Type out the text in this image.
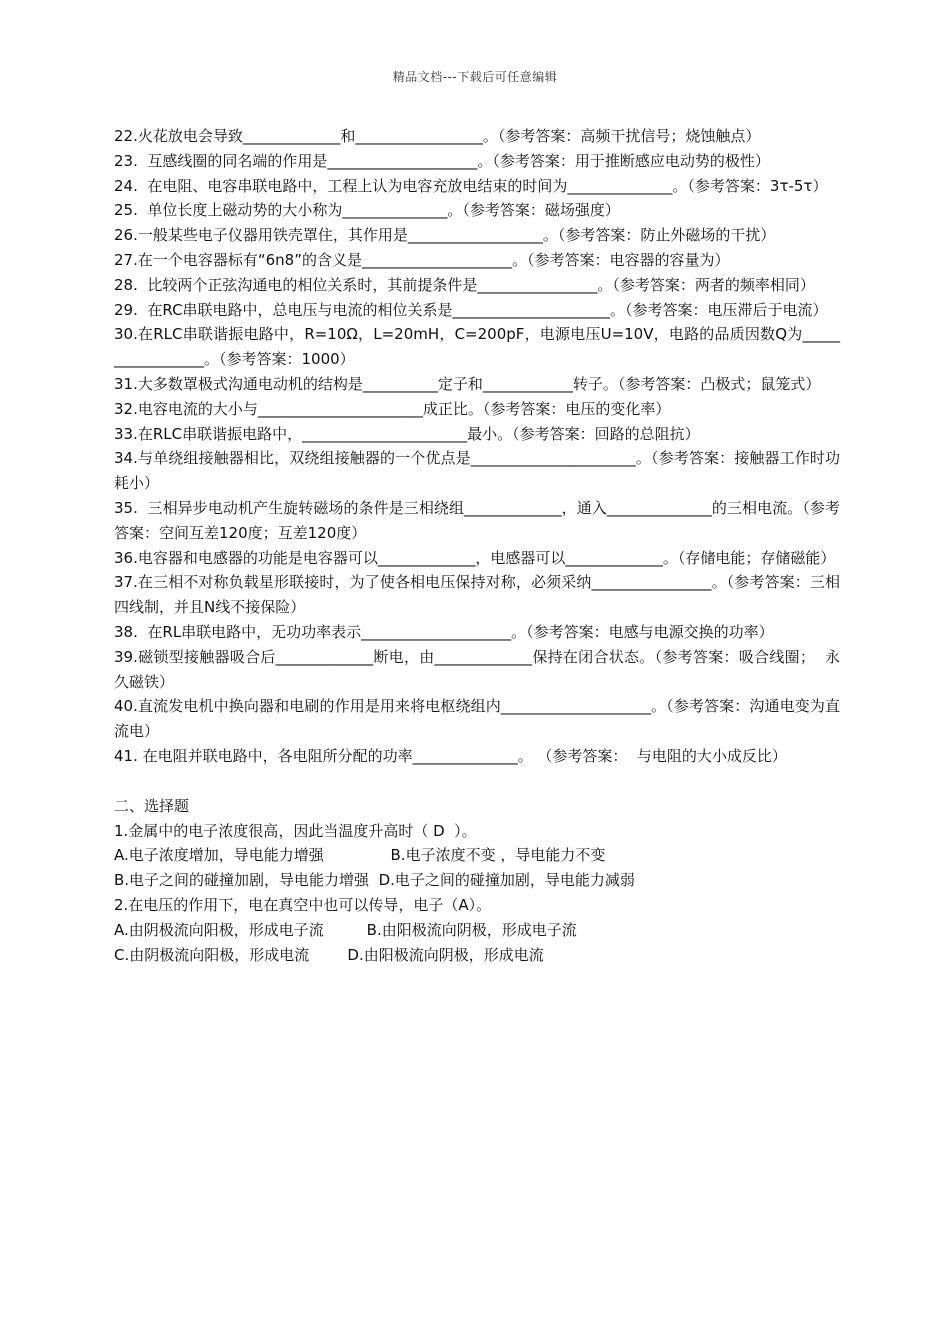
精品文档---下载后可任意编辑

22.火花放电会导致_____________和_________________。（参考答案：高频干扰信号；烧蚀触点）

23.  互感线圈的同名端的作用是____________________。（参考答案：用于推断感应电动势的极性）

24.  在电阻、电容串联电路中，工程上认为电容充放电结束的时间为______________。（参考答案：3τ-5τ）

25.  单位长度上磁动势的大小称为______________。（参考答案：磁场强度）

26.一般某些电子仪器用铁壳罩住，其作用是__________________。（参考答案：防止外磁场的干扰）

27.在一个电容器标有“6n8”的含义是____________________。（参考答案：电容器的容量为）

28.  比较两个正弦沟通电的相位关系时，其前提条件是________________。（参考答案：两者的频率相同）

29.  在RC串联电路中，总电压与电流的相位关系是_____________________。（参考答案：电压滞后于电流）

30.在RLC串联谐振电路中，R=10Ω，L=20mH，C=200pF，电源电压U=10V，电路的品质因数Q为_________________。（参考答案：1000）

31.大多数罩极式沟通电动机的结构是__________定子和____________转子。（参考答案：凸极式；鼠笼式）

32.电容电流的大小与______________________成正比。（参考答案：电压的变化率）

33.在RLC串联谐振电路中，______________________最小。（参考答案：回路的总阻抗）

34.与单绕组接触器相比，双绕组接触器的一个优点是______________________。（参考答案：接触器工作时功耗小）

35.  三相异步电动机产生旋转磁场的条件是三相绕组_____________，通入______________的三相电流。（参考答案：空间互差120度；互差120度）

36.电容器和电感器的功能是电容器可以_____________，电感器可以_____________。（存储电能；存储磁能）

37.在三相不对称负载星形联接时，为了使各相电压保持对称，必须采纳________________。（参考答案：三相四线制，并且N线不接保险）

38.  在RL串联电路中，无功功率表示____________________。（参考答案：电感与电源交换的功率）

39.磁锁型接触器吸合后_____________断电，由_____________保持在闭合状态。（参考答案：吸合线圈；  永久磁铁）

40.直流发电机中换向器和电刷的作用是用来将电枢绕组内____________________。（参考答案：沟通电变为直流电）

41. 在电阻并联电路中，各电阻所分配的功率______________。 （参考答案：  与电阻的大小成反比）

二、选择题

1.金属中的电子浓度很高，因此当温度升高时（ D  ）。

A.电子浓度增加，导电能力增强              B.电子浓度不变 ，导电能力不变

B.电子之间的碰撞加剧，导电能力增强  D.电子之间的碰撞加剧，导电能力减弱

2.在电压的作用下，电在真空中也可以传导，电子（A）。

A.由阴极流向阳极，形成电子流         B.由阳极流向阴极，形成电子流

C.由阴极流向阳极，形成电流        D.由阳极流向阴极，形成电流
